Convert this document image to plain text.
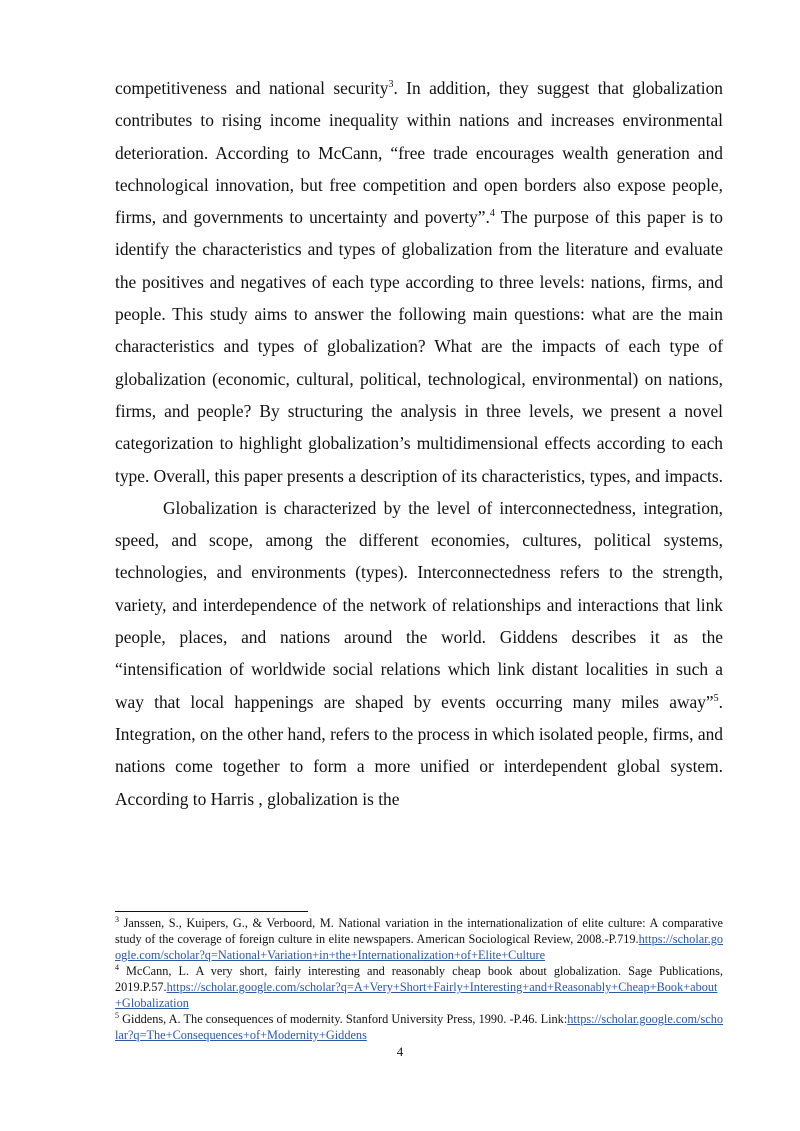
competitiveness and national security$^3$. In addition, they suggest that globalization contributes to rising income inequality within nations and increases environmental deterioration. According to McCann, “free trade encourages wealth generation and technological innovation, but free competition and open borders also expose people, firms, and governments to uncertainty and poverty”.$^4$ The purpose of this paper is to identify the characteristics and types of globalization from the literature and evaluate the positives and negatives of each type according to three levels: nations, firms, and people. This study aims to answer the following main questions: what are the main characteristics and types of globalization? What are the impacts of each type of globalization (economic, cultural, political, technological, environmental) on nations, firms, and people? By structuring the analysis in three levels, we present a novel categorization to highlight globalization’s multidimensional effects according to each type. Overall, this paper presents a description of its characteristics, types, and impacts.

Globalization is characterized by the level of interconnectedness, integration, speed, and scope, among the different economies, cultures, political systems, technologies, and environments (types). Interconnectedness refers to the strength, variety, and interdependence of the network of relationships and interactions that link people, places, and nations around the world. Giddens describes it as the “intensification of worldwide social relations which link distant localities in such a way that local happenings are shaped by events occurring many miles away”$^5$. Integration, on the other hand, refers to the process in which isolated people, firms, and nations come together to form a more unified or interdependent global system. According to Harris , globalization is the

$^3$ Janssen, S., Kuipers, G., & Verboord, M. National variation in the internationalization of elite culture: A comparative study of the coverage of foreign culture in elite newspapers. American Sociological Review, 2008.-P.719.https://scholar.google.com/scholar?q=National+Variation+in+the+Internationalization+of+Elite+Culture

$^4$ McCann, L. A very short, fairly interesting and reasonably cheap book about globalization. Sage Publications, 2019.P.57.https://scholar.google.com/scholar?q=A+Very+Short+Fairly+Interesting+and+Reasonably+Cheap+Book+about+Globalization

$^5$ Giddens, A. The consequences of modernity. Stanford University Press, 1990. -P.46. Link:https://scholar.google.com/scholar?q=The+Consequences+of+Modernity+Giddens

4
